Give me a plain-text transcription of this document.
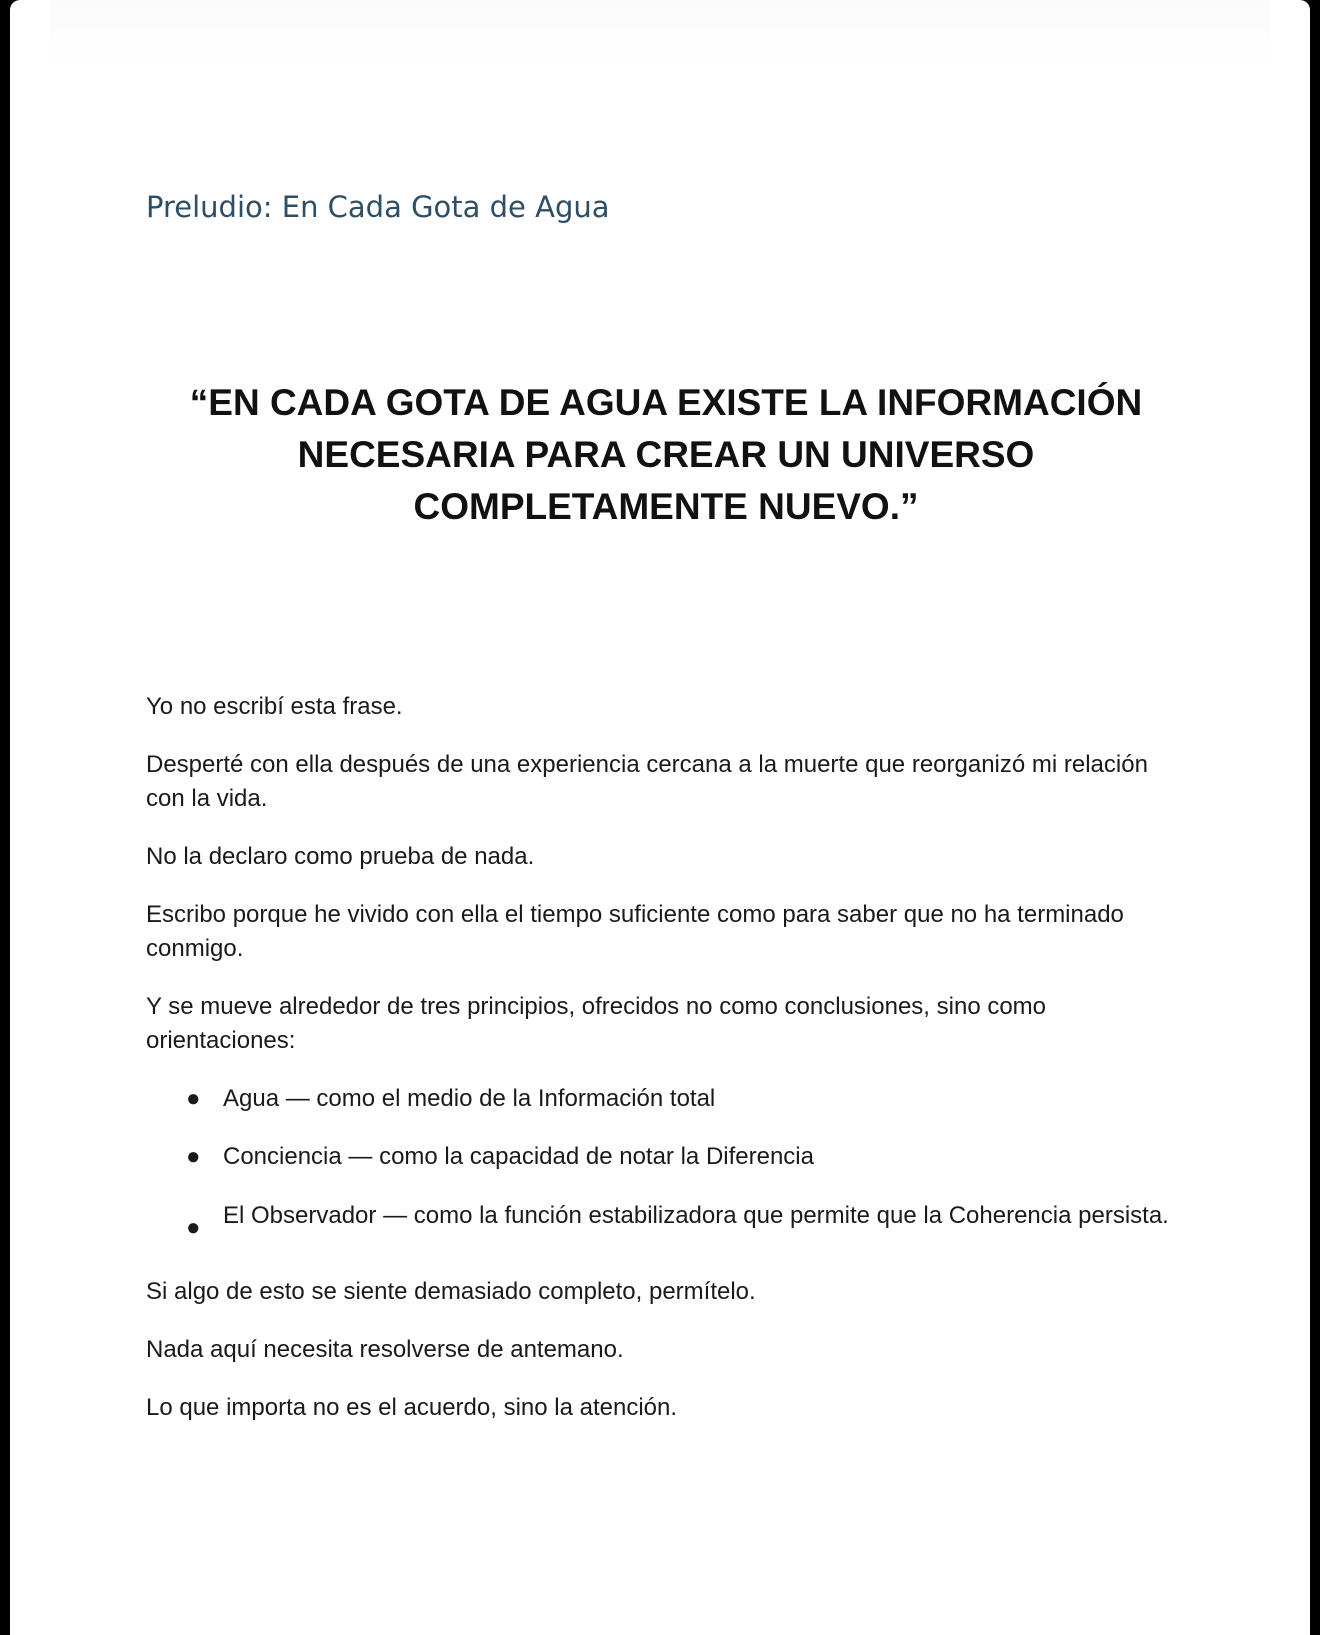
Preludio: En Cada Gota de Agua
“EN CADA GOTA DE AGUA EXISTE LA INFORMACIÓN
NECESARIA PARA CREAR UN UNIVERSO
COMPLETAMENTE NUEVO.”

Yo no escribí esta frase.

Desperté con ella después de una experiencia cercana a la muerte que reorganizó mi relación con la vida.

No la declaro como prueba de nada.

Escribo porque he vivido con ella el tiempo suficiente como para saber que no ha terminado conmigo.

Y se mueve alrededor de tres principios, ofrecidos no como conclusiones, sino como orientaciones:

● Agua — como el medio de la Información total
● Conciencia — como la capacidad de notar la Diferencia
● El Observador — como la función estabilizadora que permite que la Coherencia persista.

Si algo de esto se siente demasiado completo, permítelo.

Nada aquí necesita resolverse de antemano.

Lo que importa no es el acuerdo, sino la atención.
